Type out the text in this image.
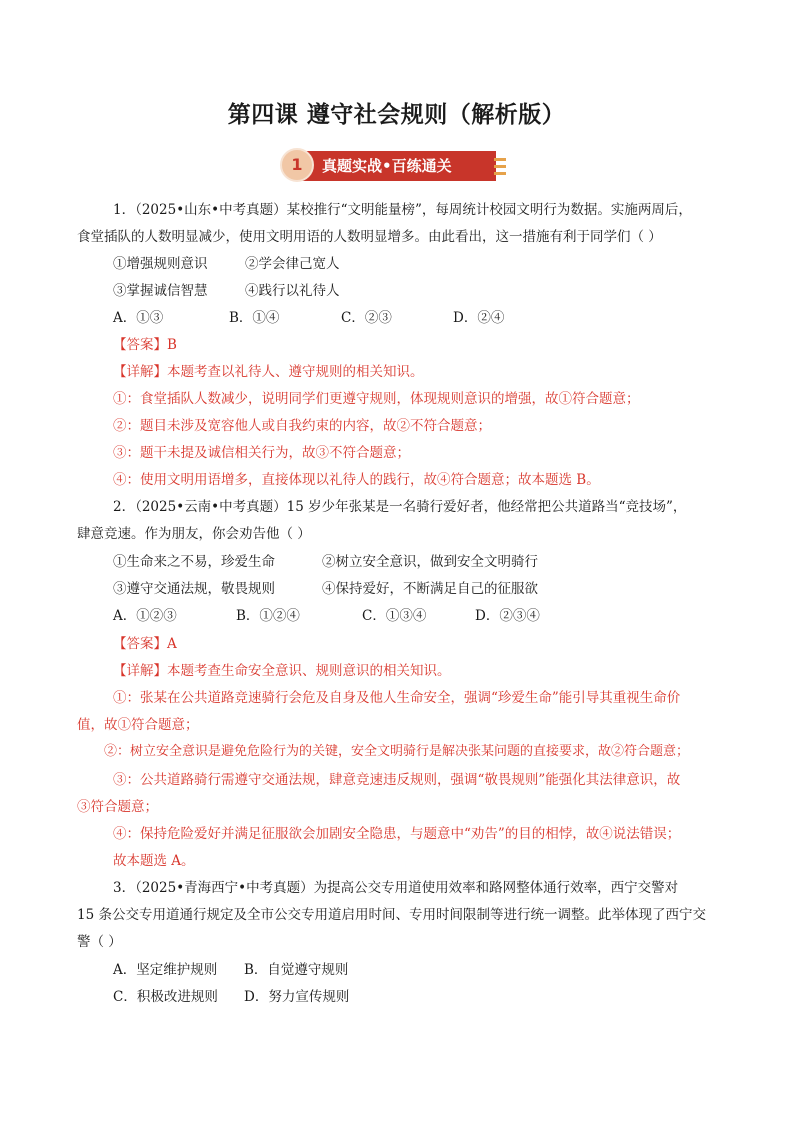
第四课 遵守社会规则（解析版）
真题实战•百练通关
1
1．（2025•山东•中考真题）某校推行“文明能量榜”，每周统计校园文明行为数据。实施两周后，
食堂插队的人数明显减少，使用文明用语的人数明显增多。由此看出，这一措施有利于同学们（ ）
①增强规则意识	②学会律己宽人
③掌握诚信智慧	④践行以礼待人
A．①③	B．①④	C．②③	D．②④
【答案】B
【详解】本题考查以礼待人、遵守规则的相关知识。
①：食堂插队人数减少，说明同学们更遵守规则，体现规则意识的增强，故①符合题意；
②：题目未涉及宽容他人或自我约束的内容，故②不符合题意；
③：题干未提及诚信相关行为，故③不符合题意；
④：使用文明用语增多，直接体现以礼待人的践行，故④符合题意；故本题选 B。
2．（2025•云南•中考真题）15 岁少年张某是一名骑行爱好者，他经常把公共道路当“竞技场”，
肆意竞速。作为朋友，你会劝告他（ ）
①生命来之不易，珍爱生命	②树立安全意识，做到安全文明骑行
③遵守交通法规，敬畏规则	④保持爱好，不断满足自己的征服欲
A．①②③	B．①②④	C．①③④	D．②③④
【答案】A
【详解】本题考查生命安全意识、规则意识的相关知识。
①：张某在公共道路竞速骑行会危及自身及他人生命安全，强调“珍爱生命”能引导其重视生命价
值，故①符合题意；
②：树立安全意识是避免危险行为的关键，安全文明骑行是解决张某问题的直接要求，故②符合题意；
③：公共道路骑行需遵守交通法规，肆意竞速违反规则，强调“敬畏规则”能强化其法律意识，故
③符合题意；
④：保持危险爱好并满足征服欲会加剧安全隐患，与题意中“劝告”的目的相悖，故④说法错误；
故本题选 A。
3．（2025•青海西宁•中考真题）为提高公交专用道使用效率和路网整体通行效率，西宁交警对
15 条公交专用道通行规定及全市公交专用道启用时间、专用时间限制等进行统一调整。此举体现了西宁交
警（ ）
A．坚定维护规则 B．自觉遵守规则
C．积极改进规则 D．努力宣传规则
